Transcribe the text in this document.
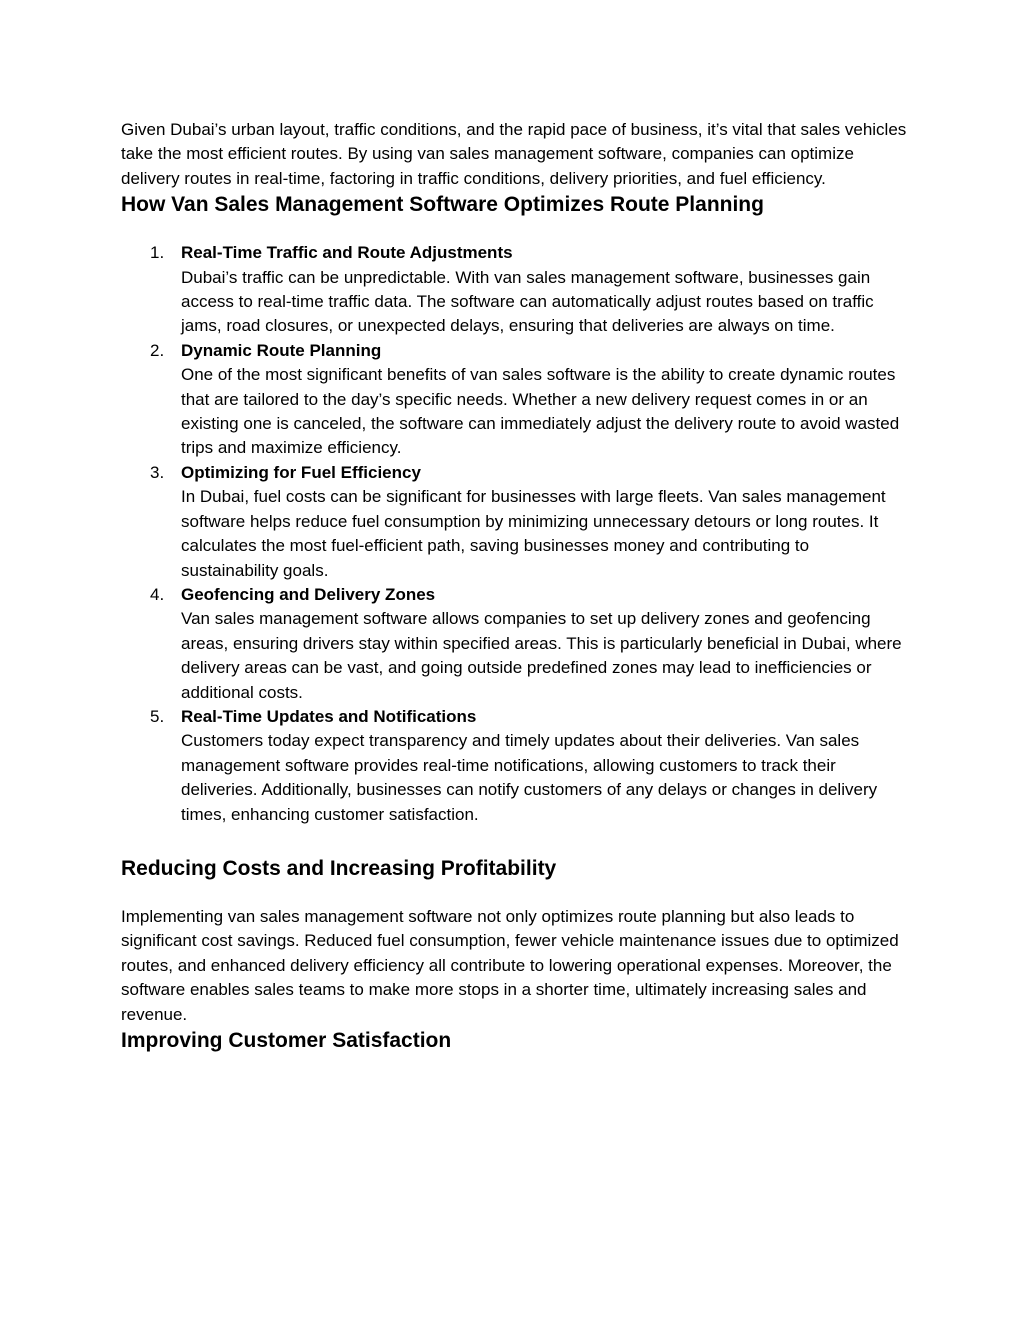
Given Dubai’s urban layout, traffic conditions, and the rapid pace of business, it’s vital that sales vehicles take the most efficient routes. By using van sales management software, companies can optimize delivery routes in real-time, factoring in traffic conditions, delivery priorities, and fuel efficiency.

How Van Sales Management Software Optimizes Route Planning
1. Real-Time Traffic and Route Adjustments
Dubai’s traffic can be unpredictable. With van sales management software, businesses gain access to real-time traffic data. The software can automatically adjust routes based on traffic jams, road closures, or unexpected delays, ensuring that deliveries are always on time.
2. Dynamic Route Planning
One of the most significant benefits of van sales software is the ability to create dynamic routes that are tailored to the day’s specific needs. Whether a new delivery request comes in or an existing one is canceled, the software can immediately adjust the delivery route to avoid wasted trips and maximize efficiency.
3. Optimizing for Fuel Efficiency
In Dubai, fuel costs can be significant for businesses with large fleets. Van sales management software helps reduce fuel consumption by minimizing unnecessary detours or long routes. It calculates the most fuel-efficient path, saving businesses money and contributing to sustainability goals.
4. Geofencing and Delivery Zones
Van sales management software allows companies to set up delivery zones and geofencing areas, ensuring drivers stay within specified areas. This is particularly beneficial in Dubai, where delivery areas can be vast, and going outside predefined zones may lead to inefficiencies or additional costs.
5. Real-Time Updates and Notifications
Customers today expect transparency and timely updates about their deliveries. Van sales management software provides real-time notifications, allowing customers to track their deliveries. Additionally, businesses can notify customers of any delays or changes in delivery times, enhancing customer satisfaction.
Reducing Costs and Increasing Profitability

Implementing van sales management software not only optimizes route planning but also leads to significant cost savings. Reduced fuel consumption, fewer vehicle maintenance issues due to optimized routes, and enhanced delivery efficiency all contribute to lowering operational expenses. Moreover, the software enables sales teams to make more stops in a shorter time, ultimately increasing sales and revenue.

Improving Customer Satisfaction
